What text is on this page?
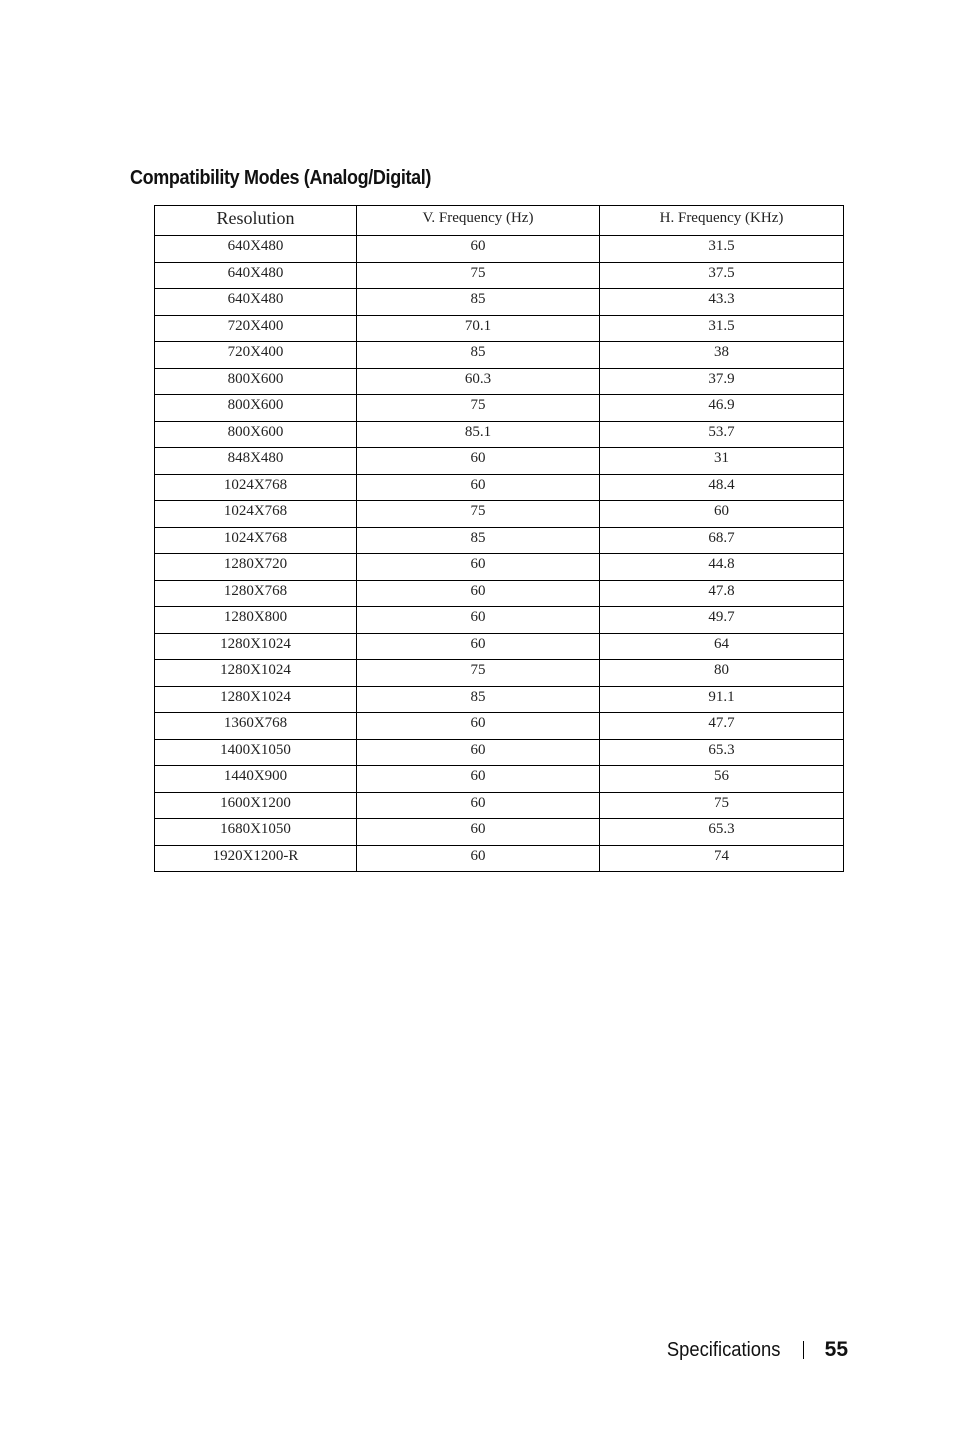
Compatibility Modes (Analog/Digital)
Resolution	V. Frequency (Hz)	H. Frequency (KHz)
640X480	60	31.5
640X480	75	37.5
640X480	85	43.3
720X400	70.1	31.5
720X400	85	38
800X600	60.3	37.9
800X600	75	46.9
800X600	85.1	53.7
848X480	60	31
1024X768	60	48.4
1024X768	75	60
1024X768	85	68.7
1280X720	60	44.8
1280X768	60	47.8
1280X800	60	49.7
1280X1024	60	64
1280X1024	75	80
1280X1024	85	91.1
1360X768	60	47.7
1400X1050	60	65.3
1440X900	60	56
1600X1200	60	75
1680X1050	60	65.3
1920X1200-R	60	74
Specifications 55
